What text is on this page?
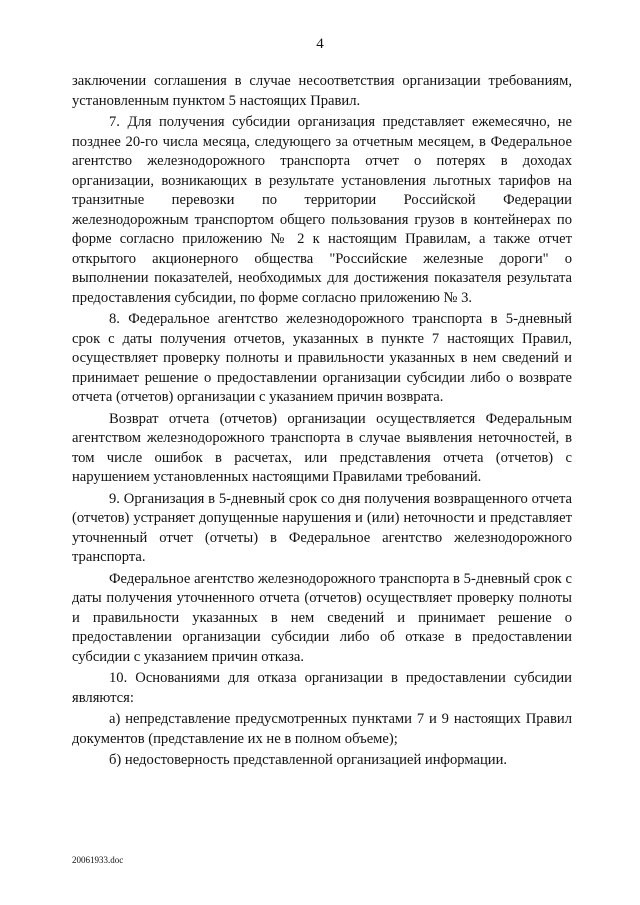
4

заключении соглашения в случае несоответствия организации требованиям, установленным пунктом 5 настоящих Правил.

7. Для получения субсидии организация представляет ежемесячно, не позднее 20-го числа месяца, следующего за отчетным месяцем, в Федеральное агентство железнодорожного транспорта отчет о потерях в доходах организации, возникающих в результате установления льготных тарифов на транзитные перевозки по территории Российской Федерации железнодорожным транспортом общего пользования грузов в контейнерах по форме согласно приложению № 2 к настоящим Правилам, а также отчет открытого акционерного общества "Российские железные дороги" о выполнении показателей, необходимых для достижения показателя результата предоставления субсидии, по форме согласно приложению № 3.

8. Федеральное агентство железнодорожного транспорта в 5-дневный срок с даты получения отчетов, указанных в пункте 7 настоящих Правил, осуществляет проверку полноты и правильности указанных в нем сведений и принимает решение о предоставлении организации субсидии либо о возврате отчета (отчетов) организации с указанием причин возврата.

Возврат отчета (отчетов) организации осуществляется Федеральным агентством железнодорожного транспорта в случае выявления неточностей, в том числе ошибок в расчетах, или представления отчета (отчетов) с нарушением установленных настоящими Правилами требований.

9. Организация в 5-дневный срок со дня получения возвращенного отчета (отчетов) устраняет допущенные нарушения и (или) неточности и представляет уточненный отчет (отчеты) в Федеральное агентство железнодорожного транспорта.

Федеральное агентство железнодорожного транспорта в 5-дневный срок с даты получения уточненного отчета (отчетов) осуществляет проверку полноты и правильности указанных в нем сведений и принимает решение о предоставлении организации субсидии либо об отказе в предоставлении субсидии с указанием причин отказа.

10. Основаниями для отказа организации в предоставлении субсидии являются:

а) непредставление предусмотренных пунктами 7 и 9 настоящих Правил документов (представление их не в полном объеме);

б) недостоверность представленной организацией информации.

20061933.doc
